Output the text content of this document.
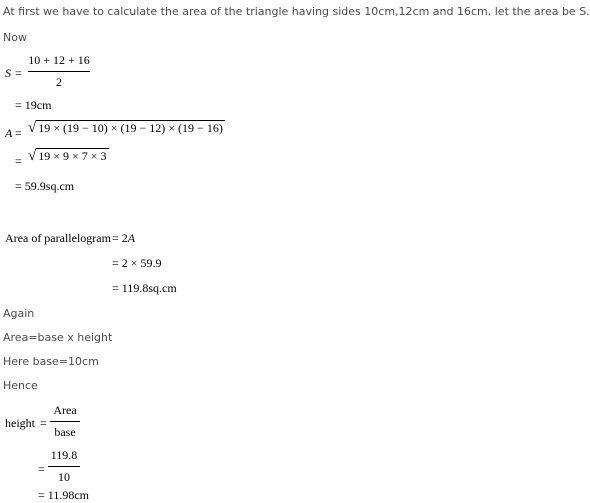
At first we have to calculate the area of the triangle having sides 10cm,12cm and 16cm. let the area be S.
Now
S =
10 + 12 + 16
2
= 19cm
A = √ 19 × (19 − 10) × (19 − 12) × (19 − 16)
= √ 19 × 9 × 7 × 3
= 59.9sq.cm
Area of parallelogram = 2A
= 2 × 59.9
= 119.8sq.cm
Again
Area=base x height
Here base=10cm
Hence
height =
Area
base
=
119.8
10
= 11.98cm
